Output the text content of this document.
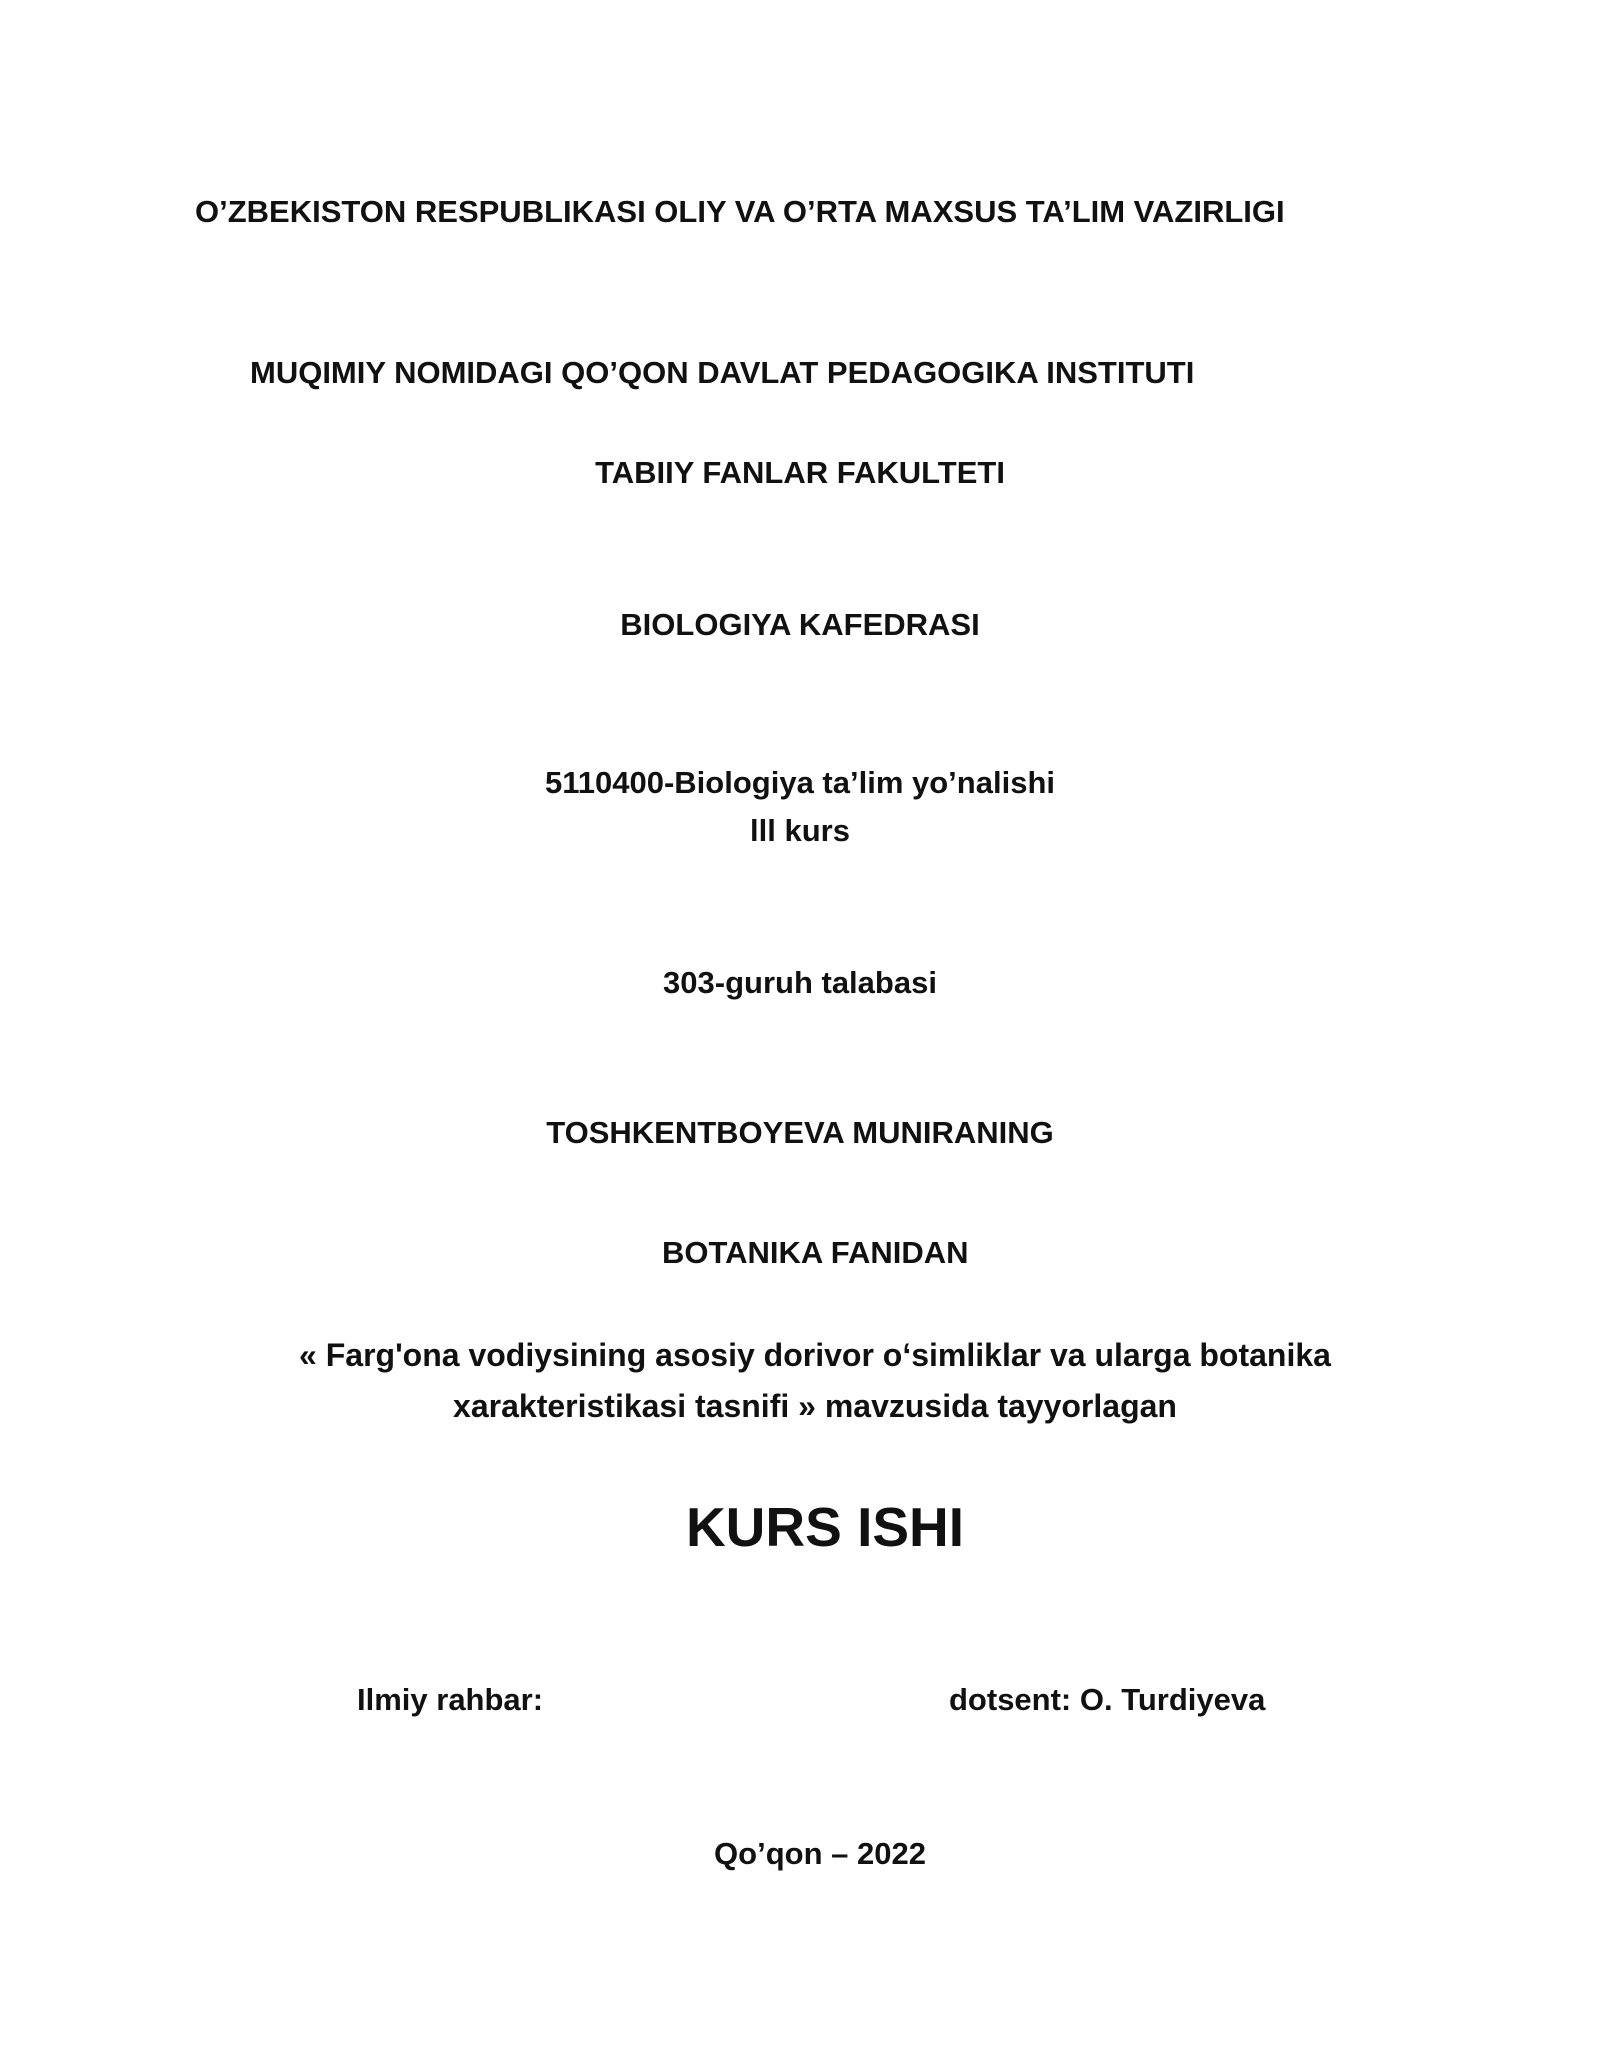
O’ZBEKISTON RESPUBLIKASI OLIY VA O’RTA MAXSUS TA’LIM VAZIRLIGI
MUQIMIY NOMIDAGI QO’QON DAVLAT PEDAGOGIKA INSTITUTI
TABIIY FANLAR FAKULTETI
BIOLOGIYA KAFEDRASI
5110400-Biologiya ta’lim yo’nalishi
lll kurs
303-guruh talabasi
TOSHKENTBOYEVA MUNIRANING
BOTANIKA FANIDAN
« Farg'ona vodiysining asosiy dorivor o‘simliklar va ularga botanika
xarakteristikasi tasnifi » mavzusida tayyorlagan
KURS ISHI
Ilmiy rahbar:	dotsent: O. Turdiyeva
Qo’qon – 2022
